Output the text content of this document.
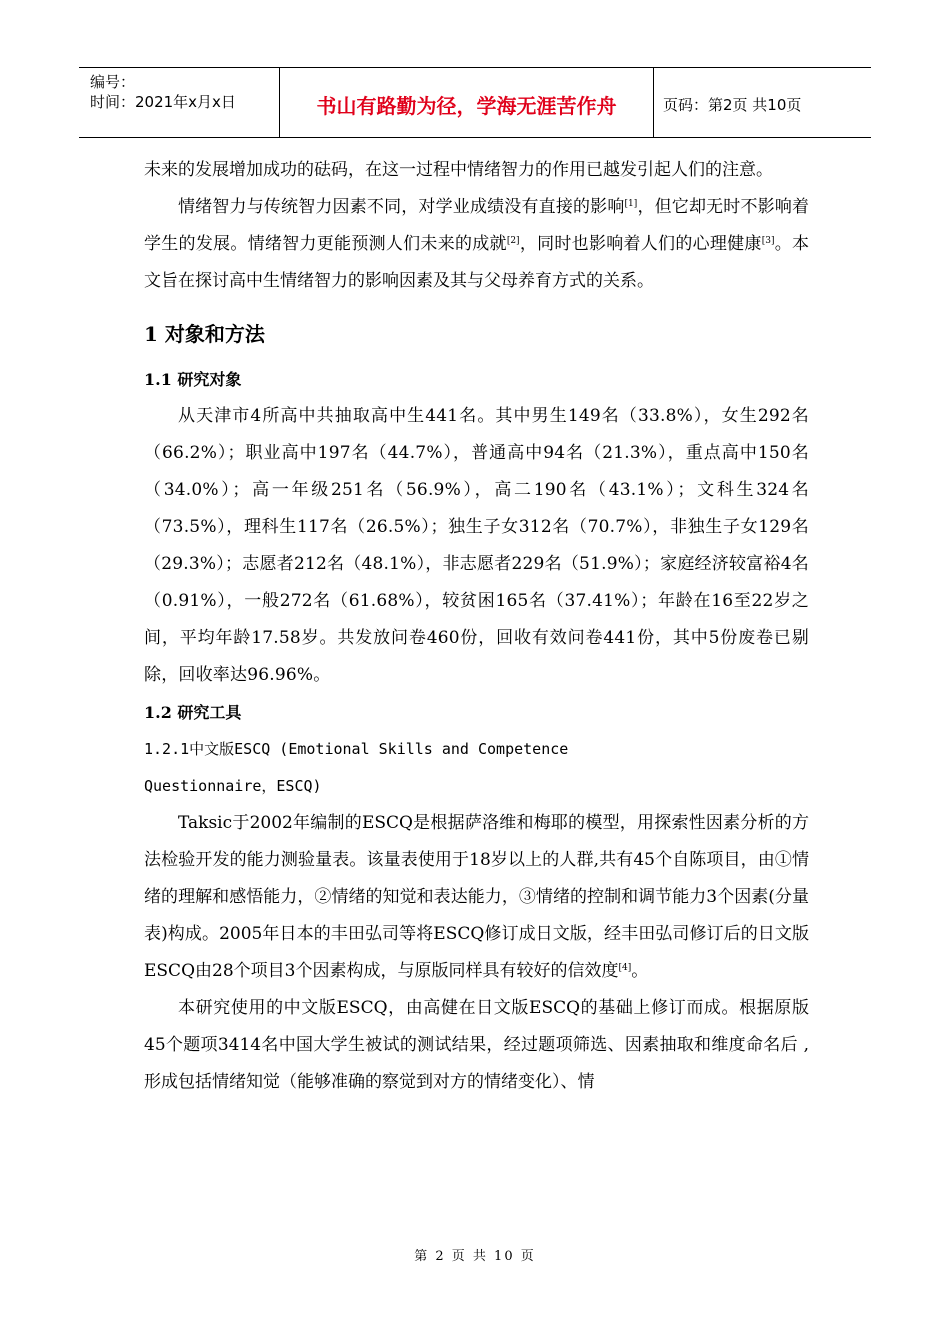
编号：
时间：2021年x月x日	书山有路勤为径，学海无涯苦作舟	页码：第2页 共10页

未来的发展增加成功的砝码，在这一过程中情绪智力的作用已越发引起人们的注意。

情绪智力与传统智力因素不同，对学业成绩没有直接的影响[1]，但它却无时不影响着学生的发展。情绪智力更能预测人们未来的成就[2]，同时也影响着人们的心理健康[3]。本文旨在探讨高中生情绪智力的影响因素及其与父母养育方式的关系。

1 对象和方法
1.1 研究对象

从天津市4所高中共抽取高中生441名。其中男生149名（33.8%），女生292名（66.2%）；职业高中197名（44.7%），普通高中94名（21.3%），重点高中150名（34.0%）；高一年级251名（56.9%），高二190名（43.1%）；文科生324名（73.5%），理科生117名（26.5%）；独生子女312名（70.7%），非独生子女129名（29.3%）；志愿者212名（48.1%），非志愿者229名（51.9%）；家庭经济较富裕4名（0.91%），一般272名（61.68%），较贫困165名（37.41%）；年龄在16至22岁之间，平均年龄17.58岁。共发放问卷460份，回收有效问卷441份，其中5份废卷已剔除，回收率达96.96%。

1.2 研究工具

1.2.1中文版ESCQ (Emotional Skills and Competence

Questionnaire，ESCQ)

Taksic于2002年编制的ESCQ是根据萨洛维和梅耶的模型，用探索性因素分析的方法检验开发的能力测验量表。该量表使用于18岁以上的人群,共有45个自陈项目，由①情绪的理解和感悟能力，②情绪的知觉和表达能力，③情绪的控制和调节能力3个因素(分量表)构成。2005年日本的丰田弘司等将ESCQ修订成日文版，经丰田弘司修订后的日文版ESCQ由28个项目3个因素构成，与原版同样具有较好的信效度[4]。

本研究使用的中文版ESCQ，由高健在日文版ESCQ的基础上修订而成。根据原版45个题项3414名中国大学生被试的测试结果，经过题项筛选、因素抽取和维度命名后 ,形成包括情绪知觉（能够准确的察觉到对方的情绪变化）、情

第 2 页 共 10 页
